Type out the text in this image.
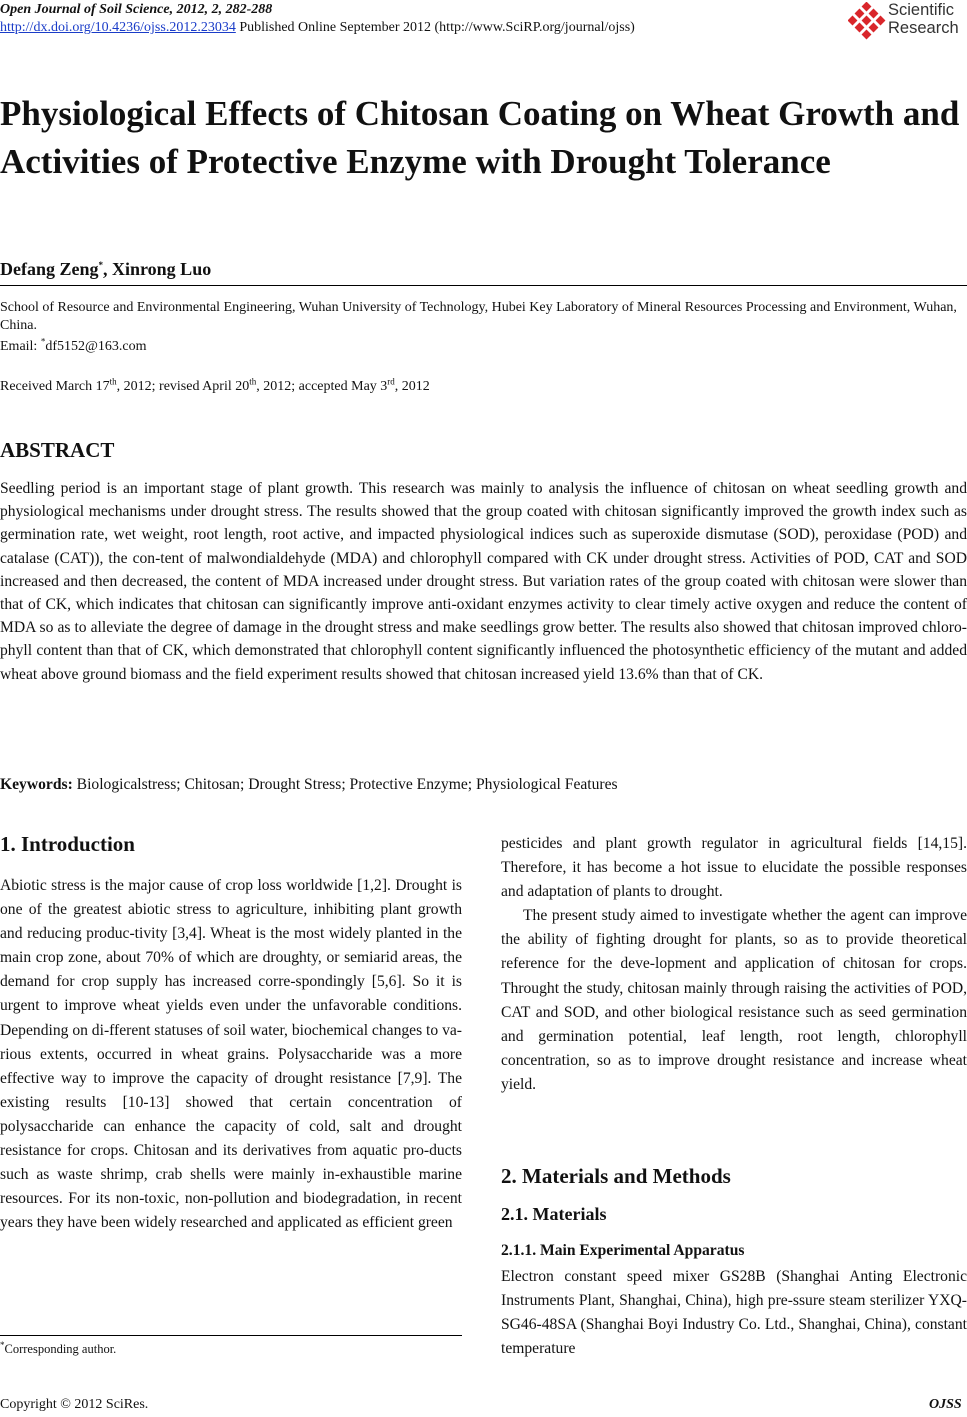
Open Journal of Soil Science, 2012, 2, 282-288
http://dx.doi.org/10.4236/ojss.2012.23034 Published Online September 2012 (http://www.SciRP.org/journal/ojss)
Scientific
Research
Physiological Effects of Chitosan Coating on Wheat Growth and Activities of Protective Enzyme with Drought Tolerance
Defang Zeng*, Xinrong Luo
School of Resource and Environmental Engineering, Wuhan University of Technology, Hubei Key Laboratory of Mineral Resources Processing and Environment, Wuhan, China.
Email: *df5152@163.com
Received March 17th, 2012; revised April 20th, 2012; accepted May 3rd, 2012
ABSTRACT
Seedling period is an important stage of plant growth. This research was mainly to analysis the influence of chitosan on wheat seedling growth and physiological mechanisms under drought stress. The results showed that the group coated with chitosan significantly improved the growth index such as germination rate, wet weight, root length, root active, and impacted physiological indices such as superoxide dismutase (SOD), peroxidase (POD) and catalase (CAT)), the con-tent of malwondialdehyde (MDA) and chlorophyll compared with CK under drought stress. Activities of POD, CAT and SOD increased and then decreased, the content of MDA increased under drought stress. But variation rates of the group coated with chitosan were slower than that of CK, which indicates that chitosan can significantly improve anti-oxidant enzymes activity to clear timely active oxygen and reduce the content of MDA so as to alleviate the degree of damage in the drought stress and make seedlings grow better. The results also showed that chitosan improved chloro-phyll content than that of CK, which demonstrated that chlorophyll content significantly influenced the photosynthetic efficiency of the mutant and added wheat above ground biomass and the field experiment results showed that chitosan increased yield 13.6% than that of CK.
Keywords: Biologicalstress; Chitosan; Drought Stress; Protective Enzyme; Physiological Features
1. Introduction

Abiotic stress is the major cause of crop loss worldwide [1,2]. Drought is one of the greatest abiotic stress to agriculture, inhibiting plant growth and reducing produc-tivity [3,4]. Wheat is the most widely planted in the main crop zone, about 70% of which are droughty, or semiarid areas, the demand for crop supply has increased corre-spondingly [5,6]. So it is urgent to improve wheat yields even under the unfavorable conditions. Depending on di-fferent statuses of soil water, biochemical changes to va-rious extents, occurred in wheat grains. Polysaccharide was a more effective way to improve the capacity of drought resistance [7,9]. The existing results [10-13] showed that certain concentration of polysaccharide can enhance the capacity of cold, salt and drought resistance for crops. Chitosan and its derivatives from aquatic pro-ducts such as waste shrimp, crab shells were mainly in-exhaustible marine resources. For its non-toxic, non-pollution and biodegradation, in recent years they have been widely researched and applicated as efficient green

pesticides and plant growth regulator in agricultural fields [14,15]. Therefore, it has become a hot issue to elucidate the possible responses and adaptation of plants to drought.

The present study aimed to investigate whether the agent can improve the ability of fighting drought for plants, so as to provide theoretical reference for the deve-lopment and application of chitosan for crops. Throught the study, chitosan mainly through raising the activities of POD, CAT and SOD, and other biological resistance such as seed germination and germination potential, leaf length, root length, chlorophyll concentration, so as to improve drought resistance and increase wheat yield.

2. Materials and Methods
2.1. Materials
2.1.1. Main Experimental Apparatus
Electron constant speed mixer GS28B (Shanghai Anting Electronic Instruments Plant, Shanghai, China), high pre-ssure steam sterilizer YXQ-SG46-48SA (Shanghai Boyi Industry Co. Ltd., Shanghai, China), constant temperature
*Corresponding author.
Copyright © 2012 SciRes.	OJSS
